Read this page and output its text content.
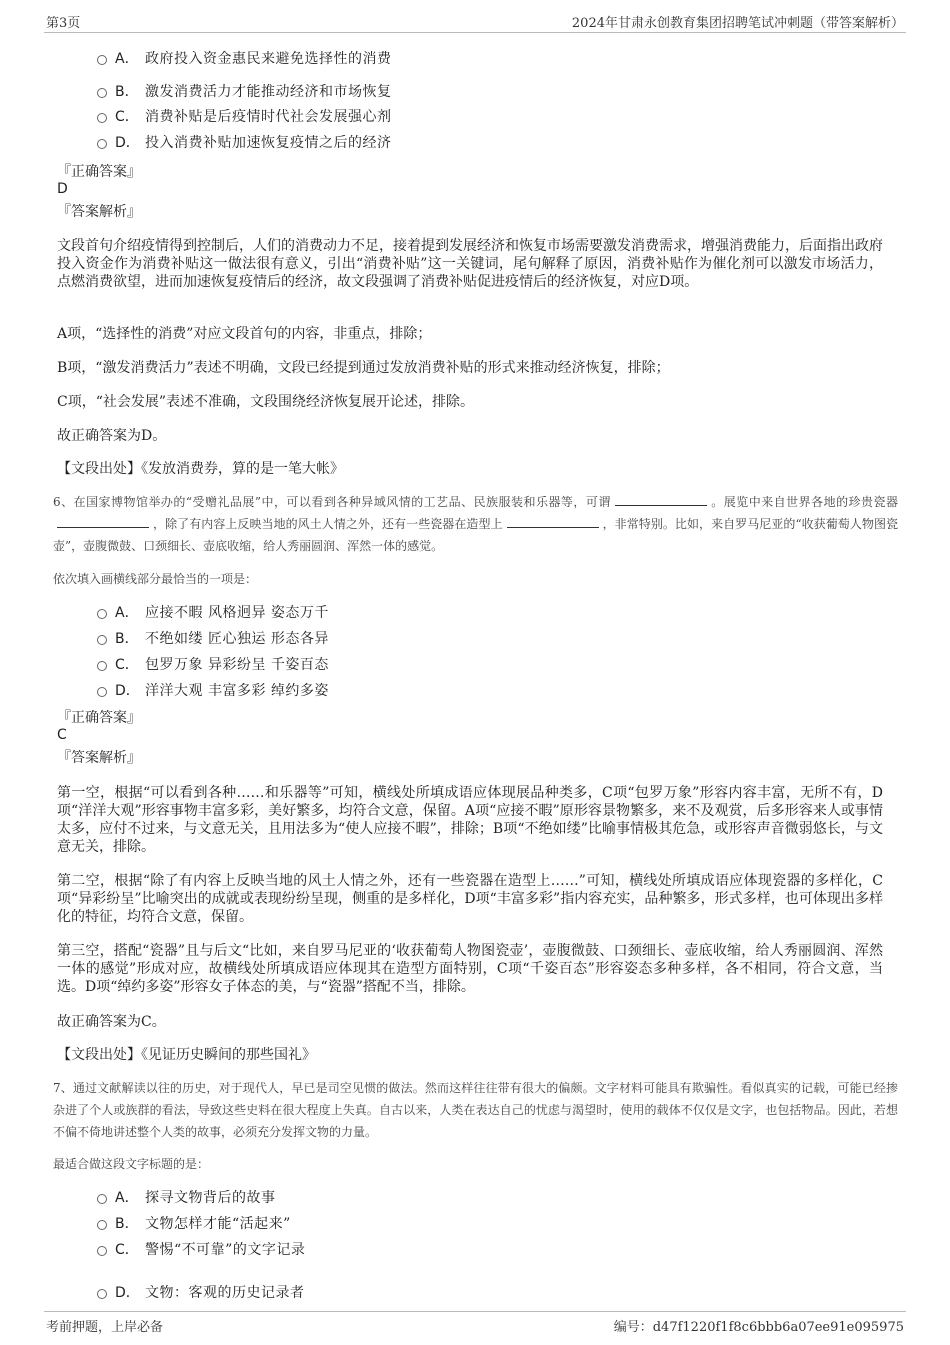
第3页	2024年甘肃永创教育集团招聘笔试冲刺题（带答案解析）
A． 政府投入资金惠民来避免选择性的消费
B． 激发消费活力才能推动经济和市场恢复
C． 消费补贴是后疫情时代社会发展强心剂
D． 投入消费补贴加速恢复疫情之后的经济
『正确答案』
D
『答案解析』
文段首句介绍疫情得到控制后，人们的消费动力不足，接着提到发展经济和恢复市场需要激发消费需求，增强消费能力，后面指出政府投入资金作为消费补贴这一做法很有意义，引出“消费补贴”这一关键词，尾句解释了原因，消费补贴作为催化剂可以激发市场活力，点燃消费欲望，进而加速恢复疫情后的经济，故文段强调了消费补贴促进疫情后的经济恢复，对应D项。
A项，“选择性的消费”对应文段首句的内容，非重点，排除；
B项，“激发消费活力”表述不明确，文段已经提到通过发放消费补贴的形式来推动经济恢复，排除；
C项，“社会发展”表述不准确，文段围绕经济恢复展开论述，排除。
故正确答案为D。
【文段出处】《发放消费券，算的是一笔大帐》
6、在国家博物馆举办的“受赠礼品展”中，可以看到各种异域风情的工艺品、民族服装和乐器等，可谓	。展览中来自世界各地的珍贵瓷器，除了有内容上反映当地的风土人情之外，还有一些瓷器在造型上	，非常特别。比如，来自罗马尼亚的“收获葡萄人物图瓷壶”，壶腹微鼓、口颈细长、壶底收缩，给人秀丽圆润、浑然一体的感觉。
依次填入画横线部分最恰当的一项是：
A． 应接不暇 风格迥异 姿态万千
B． 不绝如缕 匠心独运 形态各异
C． 包罗万象 异彩纷呈 千姿百态
D． 洋洋大观 丰富多彩 绰约多姿
『正确答案』
C
『答案解析』
第一空，根据“可以看到各种……和乐器等”可知，横线处所填成语应体现展品种类多，C项“包罗万象”形容内容丰富，无所不有，D项“洋洋大观”形容事物丰富多彩，美好繁多，均符合文意，保留。A项“应接不暇”原形容景物繁多，来不及观赏，后多形容来人或事情太多，应付不过来，与文意无关，且用法多为“使人应接不暇”，排除；B项“不绝如缕”比喻事情极其危急，或形容声音微弱悠长，与文意无关，排除。
第二空，根据“除了有内容上反映当地的风土人情之外，还有一些瓷器在造型上……”可知，横线处所填成语应体现瓷器的多样化，C项“异彩纷呈”比喻突出的成就或表现纷纷呈现，侧重的是多样化，D项“丰富多彩”指内容充实，品种繁多，形式多样，也可体现出多样化的特征，均符合文意，保留。
第三空，搭配“瓷器”且与后文“比如，来自罗马尼亚的‘收获葡萄人物图瓷壶’，壶腹微鼓、口颈细长、壶底收缩，给人秀丽圆润、浑然一体的感觉”形成对应，故横线处所填成语应体现其在造型方面特别，C项“千姿百态”形容姿态多种多样，各不相同，符合文意，当选。D项“绰约多姿”形容女子体态的美，与“瓷器”搭配不当，排除。
故正确答案为C。
【文段出处】《见证历史瞬间的那些国礼》
7、通过文献解读以往的历史，对于现代人，早已是司空见惯的做法。然而这样往往带有很大的偏颇。文字材料可能具有欺骗性。看似真实的记载，可能已经掺杂进了个人或族群的看法，导致这些史料在很大程度上失真。自古以来，人类在表达自己的忧虑与渴望时，使用的载体不仅仅是文字，也包括物品。因此，若想不偏不倚地讲述整个人类的故事，必须充分发挥文物的力量。
最适合做这段文字标题的是：
A． 探寻文物背后的故事
B． 文物怎样才能“活起来”
C． 警惕“不可靠”的文字记录
D． 文物：客观的历史记录者
考前押题，上岸必备	编号：d47f1220f1f8c6bbb6a07ee91e095975
